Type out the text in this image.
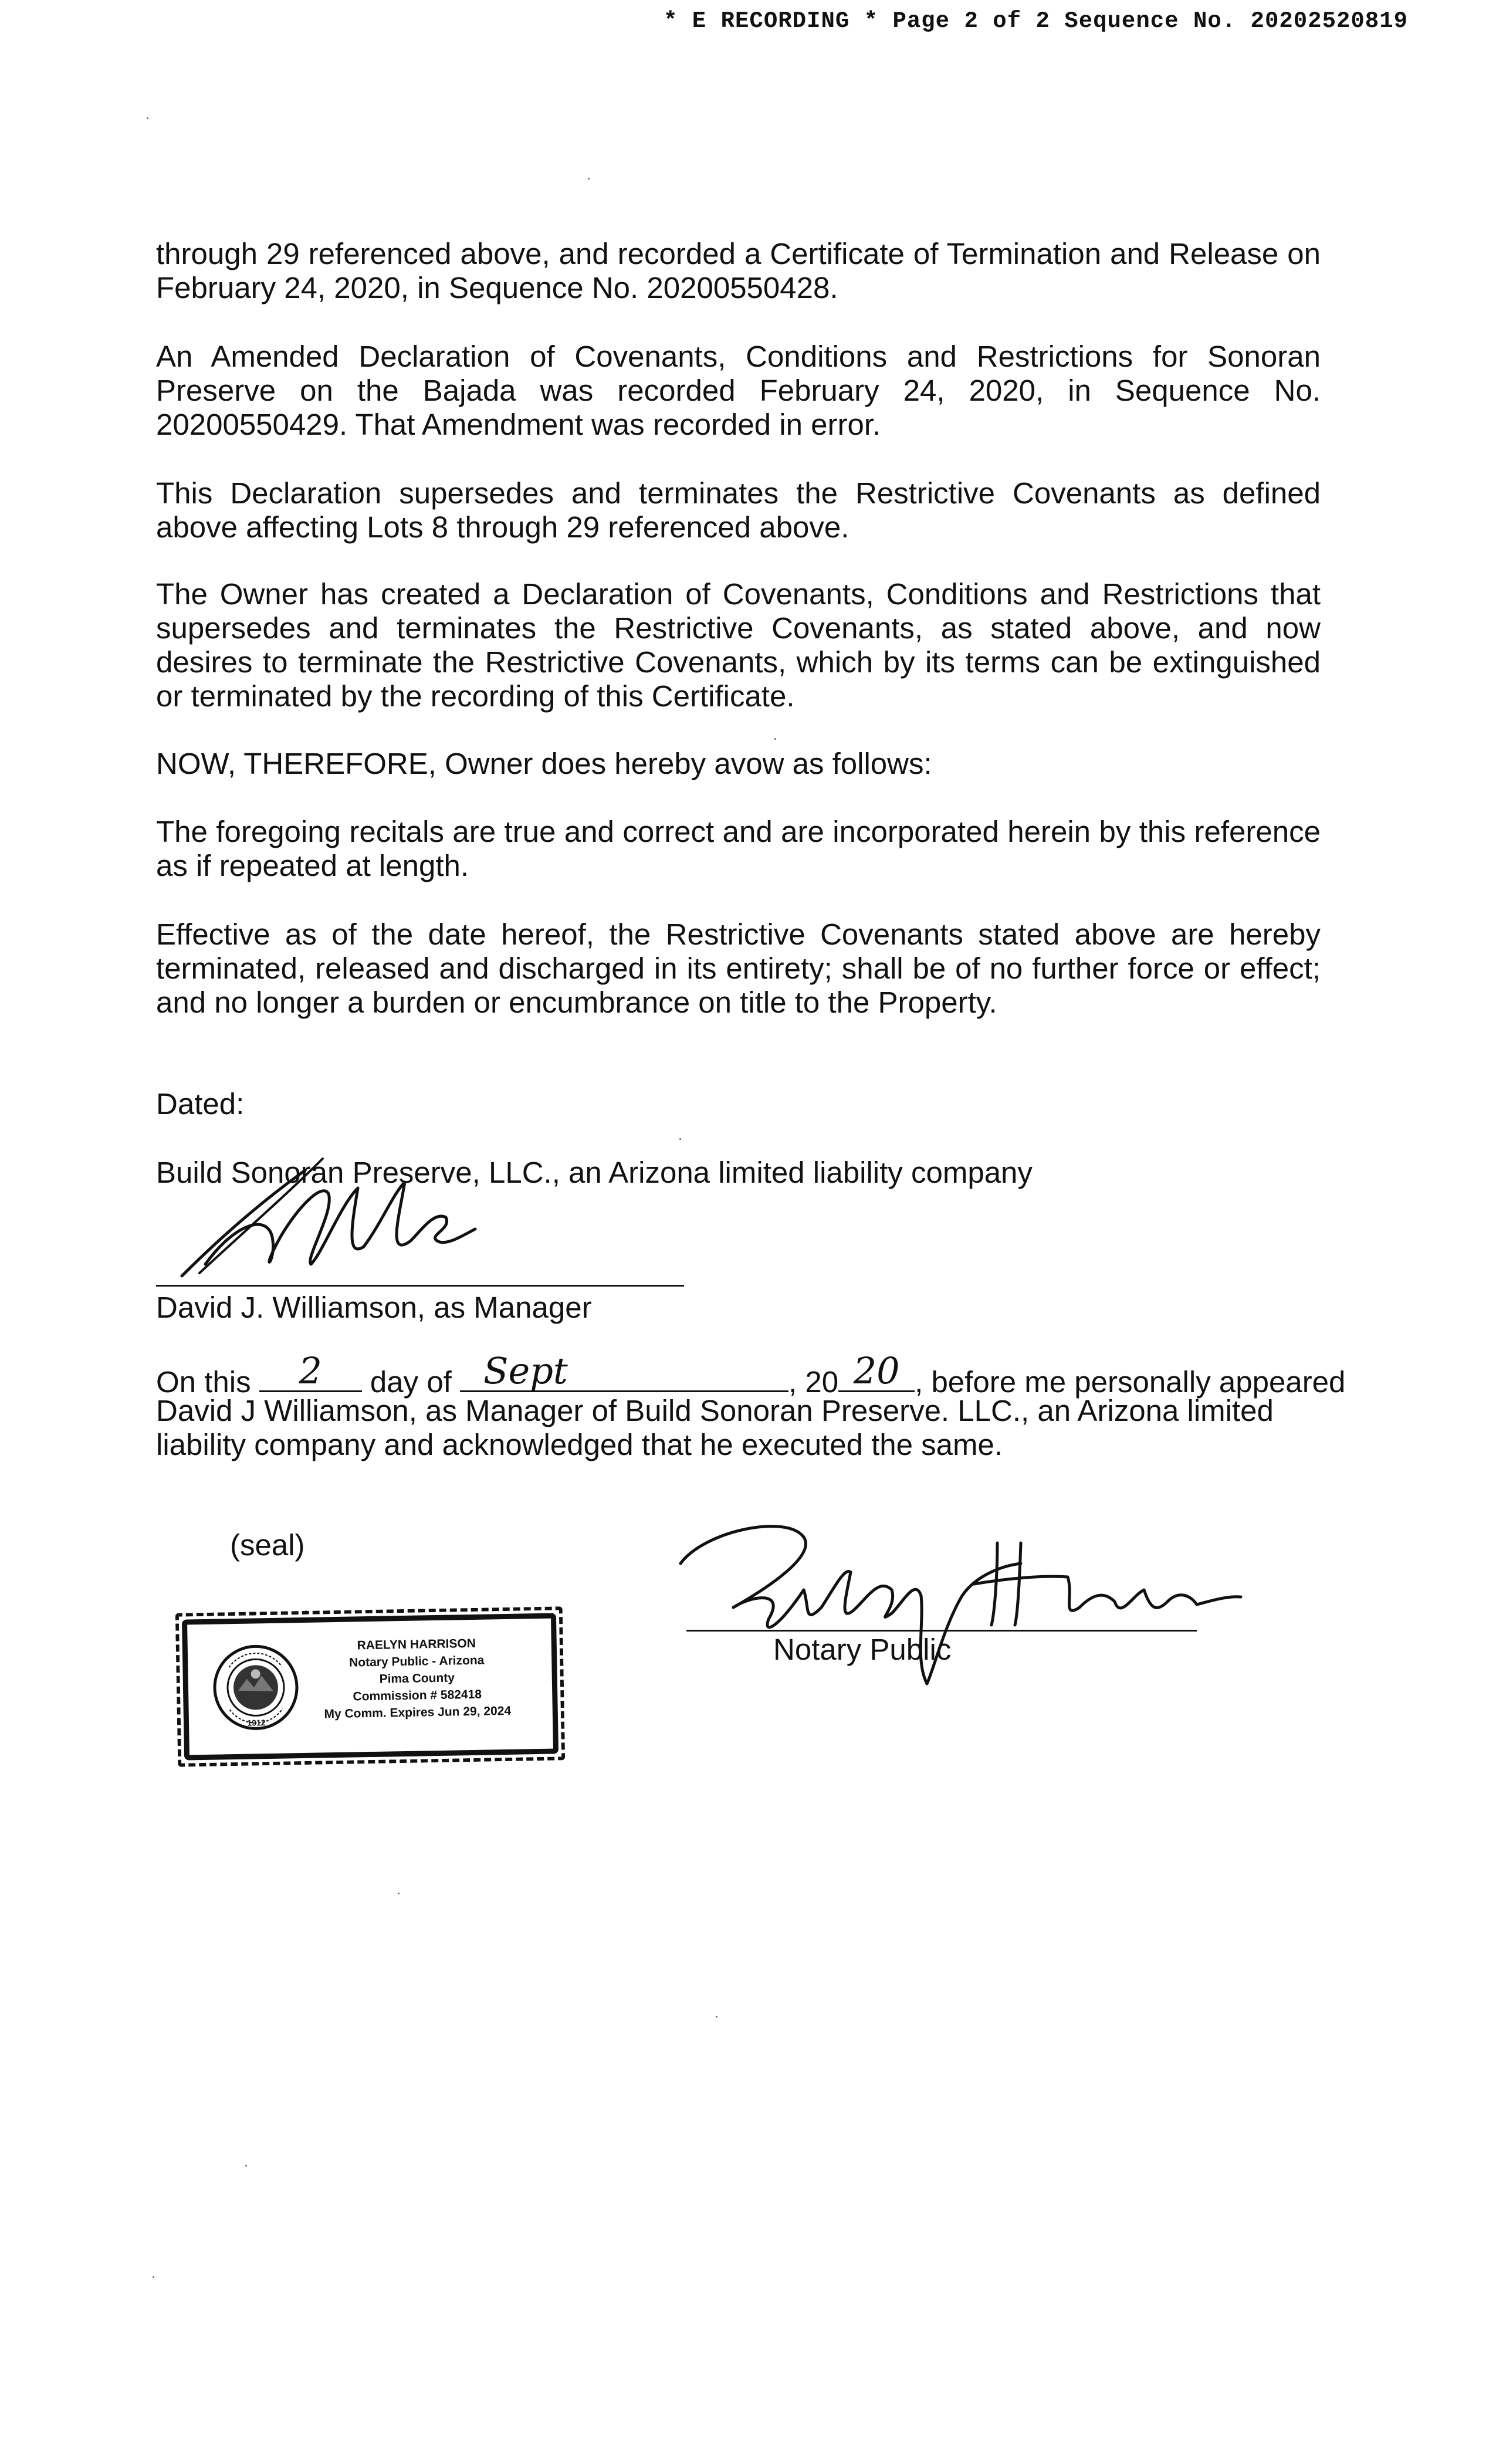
* E RECORDING * Page 2 of 2 Sequence No. 20202520819

through 29 referenced above, and recorded a Certificate of Termination and Release on February 24, 2020, in Sequence No. 20200550428.

An Amended Declaration of Covenants, Conditions and Restrictions for Sonoran Preserve on the Bajada was recorded February 24, 2020, in Sequence No. 20200550429. That Amendment was recorded in error.

This Declaration supersedes and terminates the Restrictive Covenants as defined above affecting Lots 8 through 29 referenced above.

The Owner has created a Declaration of Covenants, Conditions and Restrictions that supersedes and terminates the Restrictive Covenants, as stated above, and now desires to terminate the Restrictive Covenants, which by its terms can be extinguished or terminated by the recording of this Certificate.

NOW, THEREFORE, Owner does hereby avow as follows:

The foregoing recitals are true and correct and are incorporated herein by this reference as if repeated at length.

Effective as of the date hereof, the Restrictive Covenants stated above are hereby terminated, released and discharged in its entirety; shall be of no further force or effect; and no longer a burden or encumbrance on title to the Property.

Dated:
Build Sonoran Preserve, LLC., an Arizona limited liability company
David J. Williamson, as Manager
On this	2	day of Sept	, 20 20 , before me personally appeared
David J Williamson, as Manager of Build Sonoran Preserve. LLC., an Arizona limited
liability company and acknowledged that he executed the same.
(seal)
1912
RAELYN HARRISON
Notary Public - Arizona
Pima County
Commission # 582418
My Comm. Expires Jun 29, 2024
Notary Public
